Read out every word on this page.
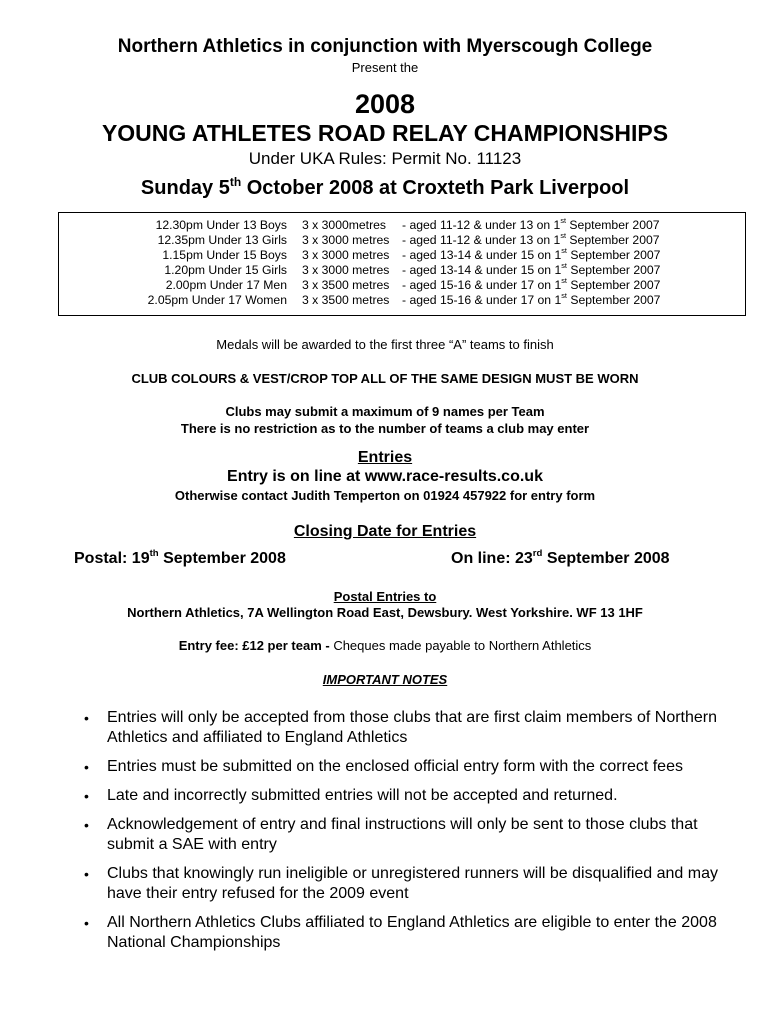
Northern Athletics in conjunction with Myerscough College
Present the
2008
YOUNG ATHLETES ROAD RELAY CHAMPIONSHIPS
Under UKA Rules: Permit No. 11123
Sunday 5th October 2008 at Croxteth Park Liverpool
12.30pm Under 13 Boys 3 x 3000metres - aged 11-12 & under 13 on 1st September 2007
12.35pm Under 13 Girls 3 x 3000 metres - aged 11-12 & under 13 on 1st September 2007
1.15pm Under 15 Boys 3 x 3000 metres - aged 13-14 & under 15 on 1st September 2007
1.20pm Under 15 Girls 3 x 3000 metres - aged 13-14 & under 15 on 1st September 2007
2.00pm Under 17 Men 3 x 3500 metres - aged 15-16 & under 17 on 1st September 2007
2.05pm Under 17 Women 3 x 3500 metres - aged 15-16 & under 17 on 1st September 2007
Medals will be awarded to the first three “A” teams to finish
CLUB COLOURS & VEST/CROP TOP ALL OF THE SAME DESIGN MUST BE WORN
Clubs may submit a maximum of 9 names per Team
There is no restriction as to the number of teams a club may enter
Entries
Entry is on line at www.race-results.co.uk
Otherwise contact Judith Temperton on 01924 457922 for entry form
Closing Date for Entries
Postal: 19th September 2008	On line: 23rd September 2008
Postal Entries to
Northern Athletics, 7A Wellington Road East, Dewsbury. West Yorkshire. WF 13 1HF
Entry fee: £12 per team - Cheques made payable to Northern Athletics
IMPORTANT NOTES
• Entries will only be accepted from those clubs that are first claim members of Northern Athletics and affiliated to England Athletics
• Entries must be submitted on the enclosed official entry form with the correct fees
• Late and incorrectly submitted entries will not be accepted and returned.
• Acknowledgement of entry and final instructions will only be sent to those clubs that submit a SAE with entry
• Clubs that knowingly run ineligible or unregistered runners will be disqualified and may have their entry refused for the 2009 event
• All Northern Athletics Clubs affiliated to England Athletics are eligible to enter the 2008 National Championships
